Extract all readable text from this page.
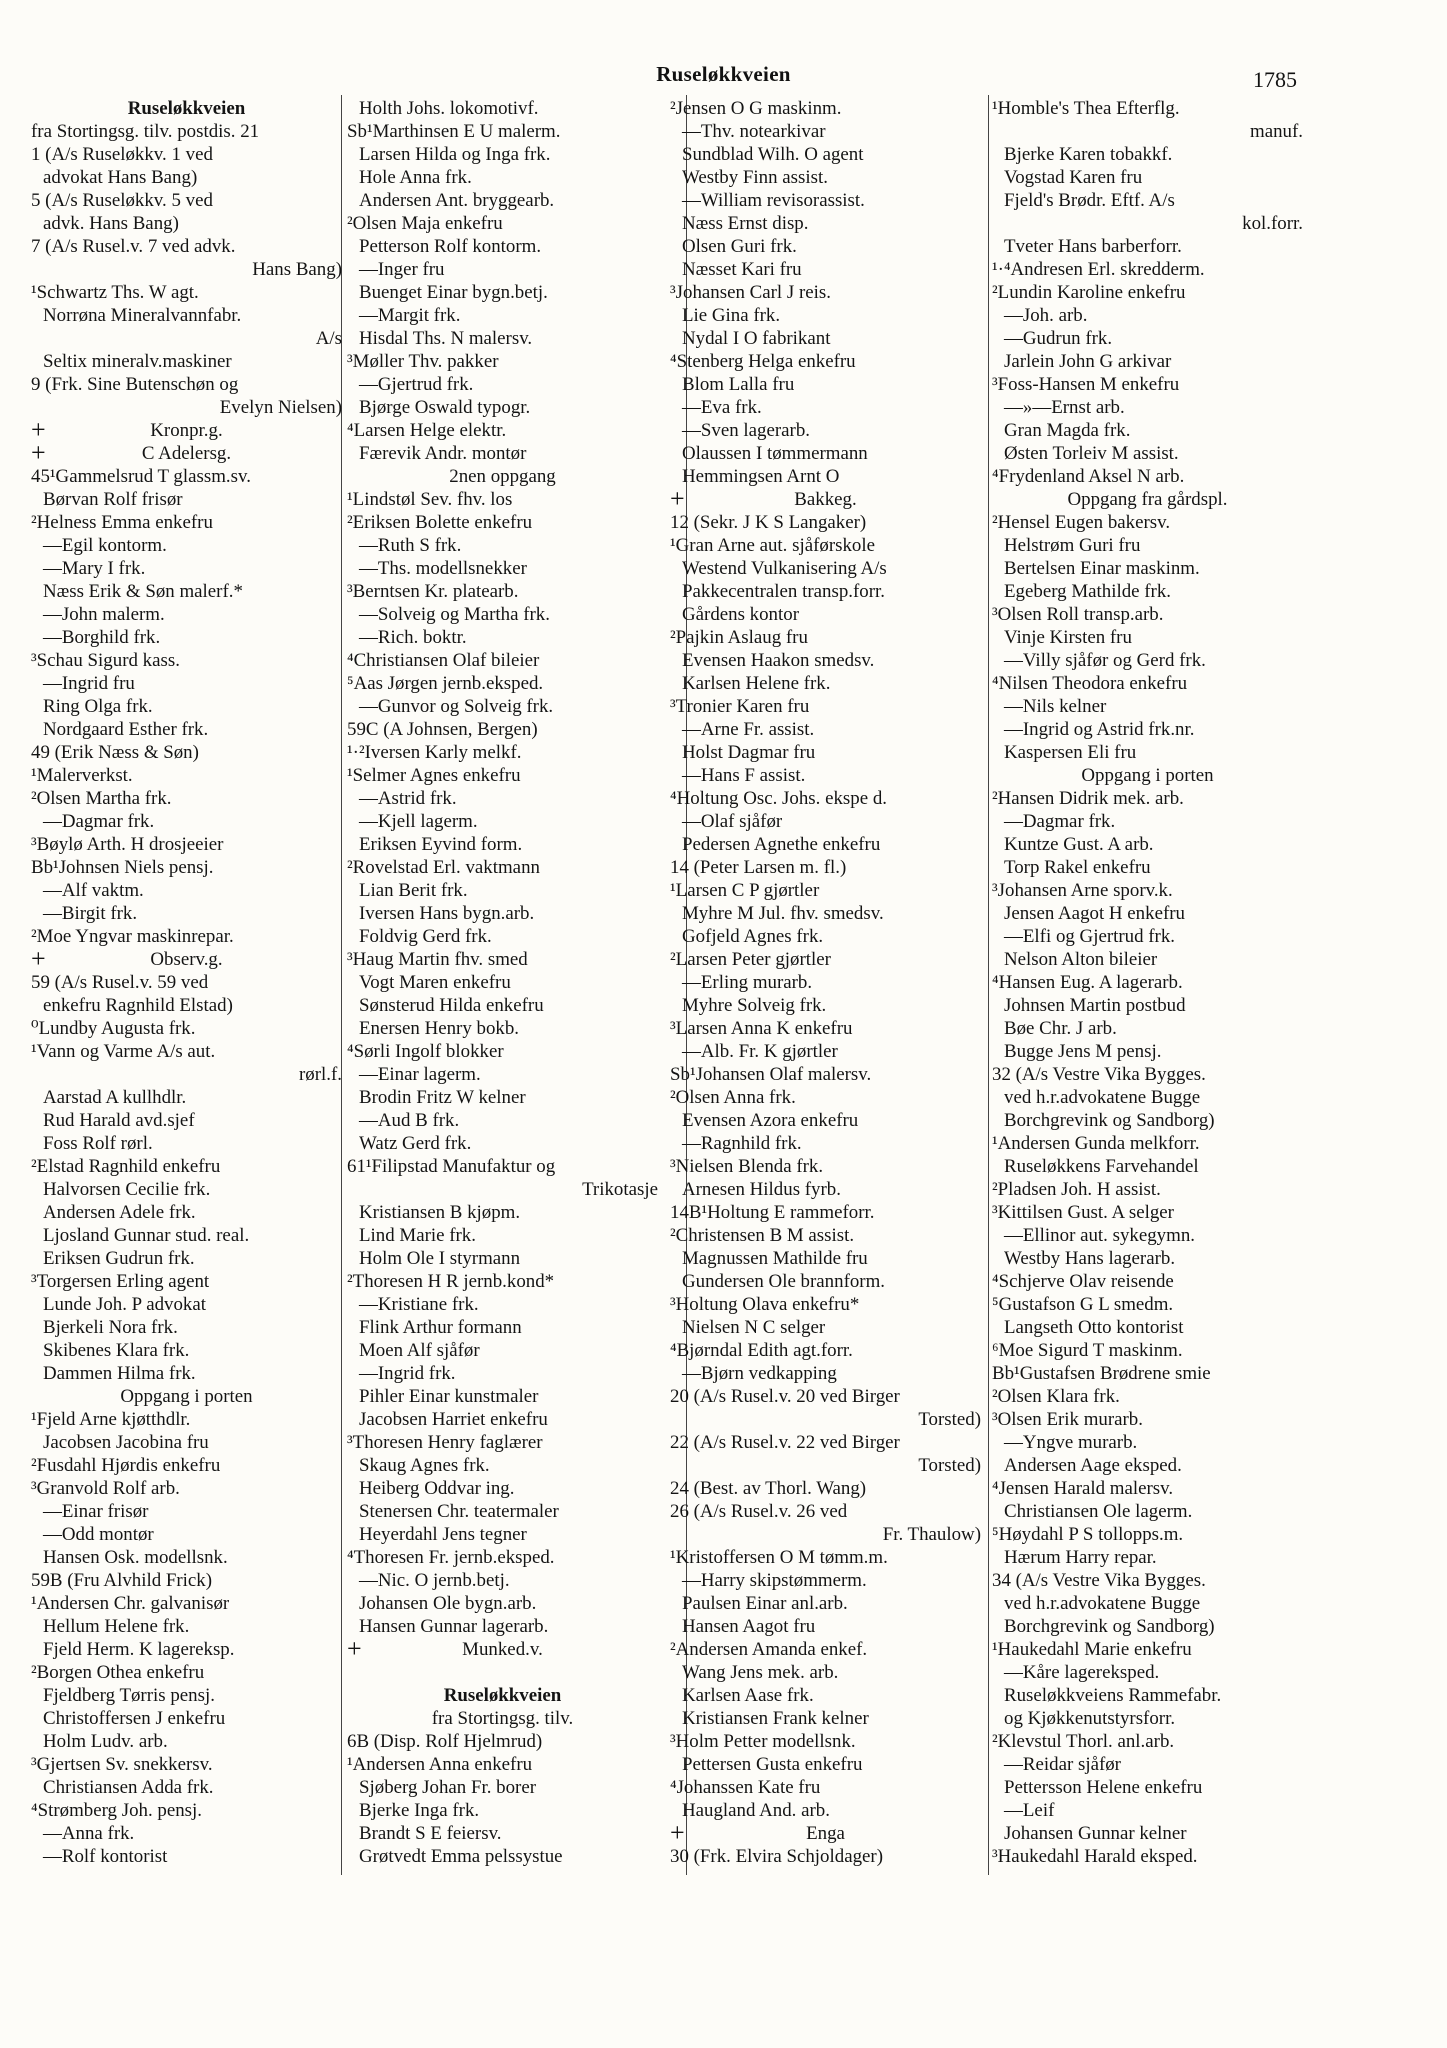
Ruseløkkveien	1785
Ruseløkkveien
fra Stortingsg. tilv. postdis. 21
1 (A/s Ruseløkkv. 1 ved
advokat Hans Bang)
5 (A/s Ruseløkkv. 5 ved
advk. Hans Bang)
7 (A/s Rusel.v. 7 ved advk.
Hans Bang)
¹Schwartz Ths. W agt.
Norrøna Mineralvannfabr.
A/s
Seltix mineralv.maskiner
9 (Frk. Sine Butenschøn og
Evelyn Nielsen)
+	Kronpr.g.
+	C Adelersg.
45¹Gammelsrud T glassm.sv.
Børvan Rolf frisør
²Helness Emma enkefru
—Egil kontorm.
—Mary I frk.
Næss Erik & Søn malerf.*
—John malerm.
—Borghild frk.
³Schau Sigurd kass.
—Ingrid fru
Ring Olga frk.
Nordgaard Esther frk.
49 (Erik Næss & Søn)
¹Malerverkst.
²Olsen Martha frk.
—Dagmar frk.
³Bøylø Arth. H drosjeeier
Bb¹Johnsen Niels pensj.
—Alf vaktm.
—Birgit frk.
²Moe Yngvar maskinrepar.
+	Observ.g.
59 (A/s Rusel.v. 59 ved
enkefru Ragnhild Elstad)
⁰Lundby Augusta frk.
¹Vann og Varme A/s aut.
rørl.f.
Aarstad A kullhdlr.
Rud Harald avd.sjef
Foss Rolf rørl.
²Elstad Ragnhild enkefru
Halvorsen Cecilie frk.
Andersen Adele frk.
Ljosland Gunnar stud. real.
Eriksen Gudrun frk.
³Torgersen Erling agent
Lunde Joh. P advokat
Bjerkeli Nora frk.
Skibenes Klara frk.
Dammen Hilma frk.
Oppgang i porten
¹Fjeld Arne kjøtthdlr.
Jacobsen Jacobina fru
²Fusdahl Hjørdis enkefru
³Granvold Rolf arb.
—Einar frisør
—Odd montør
Hansen Osk. modellsnk.
59B (Fru Alvhild Frick)
¹Andersen Chr. galvanisør
Hellum Helene frk.
Fjeld Herm. K lagereksp.
²Borgen Othea enkefru
Fjeldberg Tørris pensj.
Christoffersen J enkefru
Holm Ludv. arb.
³Gjertsen Sv. snekkersv.
Christiansen Adda frk.
⁴Strømberg Joh. pensj.
—Anna frk.
—Rolf kontorist
Holth Johs. lokomotivf.
Sb¹Marthinsen E U malerm.
Larsen Hilda og Inga frk.
Hole Anna frk.
Andersen Ant. bryggearb.
²Olsen Maja enkefru
Petterson Rolf kontorm.
—Inger fru
Buenget Einar bygn.betj.
—Margit frk.
Hisdal Ths. N malersv.
³Møller Thv. pakker
—Gjertrud frk.
Bjørge Oswald typogr.
⁴Larsen Helge elektr.
Færevik Andr. montør
2nen oppgang
¹Lindstøl Sev. fhv. los
²Eriksen Bolette enkefru
—Ruth S frk.
—Ths. modellsnekker
³Berntsen Kr. platearb.
—Solveig og Martha frk.
—Rich. boktr.
⁴Christiansen Olaf bileier
⁵Aas Jørgen jernb.eksped.
—Gunvor og Solveig frk.
59C (A Johnsen, Bergen)
¹·²Iversen Karly melkf.
¹Selmer Agnes enkefru
—Astrid frk.
—Kjell lagerm.
Eriksen Eyvind form.
²Rovelstad Erl. vaktmann
Lian Berit frk.
Iversen Hans bygn.arb.
Foldvig Gerd frk.
³Haug Martin fhv. smed
Vogt Maren enkefru
Sønsterud Hilda enkefru
Enersen Henry bokb.
⁴Sørli Ingolf blokker
—Einar lagerm.
Brodin Fritz W kelner
—Aud B frk.
Watz Gerd frk.
61¹Filipstad Manufaktur og
Trikotasje
Kristiansen B kjøpm.
Lind Marie frk.
Holm Ole I styrmann
²Thoresen H R jernb.kond*
—Kristiane frk.
Flink Arthur formann
Moen Alf sjåfør
—Ingrid frk.
Pihler Einar kunstmaler
Jacobsen Harriet enkefru
³Thoresen Henry faglærer
Skaug Agnes frk.
Heiberg Oddvar ing.
Stenersen Chr. teatermaler
Heyerdahl Jens tegner
⁴Thoresen Fr. jernb.eksped.
—Nic. O jernb.betj.
Johansen Ole bygn.arb.
Hansen Gunnar lagerarb.
+	Munked.v.
Ruseløkkveien
fra Stortingsg. tilv.
6B (Disp. Rolf Hjelmrud)
¹Andersen Anna enkefru
Sjøberg Johan Fr. borer
Bjerke Inga frk.
Brandt S E feiersv.
Grøtvedt Emma pelssystue
²Jensen O G maskinm.
—Thv. notearkivar
Sundblad Wilh. O agent
Westby Finn assist.
—William revisorassist.
Næss Ernst disp.
Olsen Guri frk.
Næsset Kari fru
³Johansen Carl J reis.
Lie Gina frk.
Nydal I O fabrikant
⁴Stenberg Helga enkefru
Blom Lalla fru
—Eva frk.
—Sven lagerarb.
Olaussen I tømmermann
Hemmingsen Arnt O
+	Bakkeg.
12 (Sekr. J K S Langaker)
¹Gran Arne aut. sjåførskole
Westend Vulkanisering A/s
Pakkecentralen transp.forr.
Gårdens kontor
²Pajkin Aslaug fru
Evensen Haakon smedsv.
Karlsen Helene frk.
³Tronier Karen fru
—Arne Fr. assist.
Holst Dagmar fru
—Hans F assist.
⁴Holtung Osc. Johs. ekspe d.
—Olaf sjåfør
Pedersen Agnethe enkefru
14 (Peter Larsen m. fl.)
¹Larsen C P gjørtler
Myhre M Jul. fhv. smedsv.
Gofjeld Agnes frk.
²Larsen Peter gjørtler
—Erling murarb.
Myhre Solveig frk.
³Larsen Anna K enkefru
—Alb. Fr. K gjørtler
Sb¹Johansen Olaf malersv.
²Olsen Anna frk.
Evensen Azora enkefru
—Ragnhild frk.
³Nielsen Blenda frk.
Arnesen Hildus fyrb.
14B¹Holtung E rammeforr.
²Christensen B M assist.
Magnussen Mathilde fru
Gundersen Ole brannform.
³Holtung Olava enkefru*
Nielsen N C selger
⁴Bjørndal Edith agt.forr.
—Bjørn vedkapping
20 (A/s Rusel.v. 20 ved Birger
Torsted)
22 (A/s Rusel.v. 22 ved Birger
Torsted)
24 (Best. av Thorl. Wang)
26 (A/s Rusel.v. 26 ved
Fr. Thaulow)
¹Kristoffersen O M tømm.m.
—Harry skipstømmerm.
Paulsen Einar anl.arb.
Hansen Aagot fru
²Andersen Amanda enkef.
Wang Jens mek. arb.
Karlsen Aase frk.
Kristiansen Frank kelner
³Holm Petter modellsnk.
Pettersen Gusta enkefru
⁴Johanssen Kate fru
Haugland And. arb.
+	Enga
30 (Frk. Elvira Schjoldager)
¹Homble's Thea Efterflg.
manuf.
Bjerke Karen tobakkf.
Vogstad Karen fru
Fjeld's Brødr. Eftf. A/s
kol.forr.
Tveter Hans barberforr.
¹·⁴Andresen Erl. skredderm.
²Lundin Karoline enkefru
—Joh. arb.
—Gudrun frk.
Jarlein John G arkivar
³Foss-Hansen M enkefru
—»—Ernst arb.
Gran Magda frk.
Østen Torleiv M assist.
⁴Frydenland Aksel N arb.
Oppgang fra gårdspl.
²Hensel Eugen bakersv.
Helstrøm Guri fru
Bertelsen Einar maskinm.
Egeberg Mathilde frk.
³Olsen Roll transp.arb.
Vinje Kirsten fru
—Villy sjåfør og Gerd frk.
⁴Nilsen Theodora enkefru
—Nils kelner
—Ingrid og Astrid frk.nr.
Kaspersen Eli fru
Oppgang i porten
²Hansen Didrik mek. arb.
—Dagmar frk.
Kuntze Gust. A arb.
Torp Rakel enkefru
³Johansen Arne sporv.k.
Jensen Aagot H enkefru
—Elfi og Gjertrud frk.
Nelson Alton bileier
⁴Hansen Eug. A lagerarb.
Johnsen Martin postbud
Bøe Chr. J arb.
Bugge Jens M pensj.
32 (A/s Vestre Vika Bygges.
ved h.r.advokatene Bugge
Borchgrevink og Sandborg)
¹Andersen Gunda melkforr.
Ruseløkkens Farvehandel
²Pladsen Joh. H assist.
³Kittilsen Gust. A selger
—Ellinor aut. sykegymn.
Westby Hans lagerarb.
⁴Schjerve Olav reisende
⁵Gustafson G L smedm.
Langseth Otto kontorist
⁶Moe Sigurd T maskinm.
Bb¹Gustafsen Brødrene smie
²Olsen Klara frk.
³Olsen Erik murarb.
—Yngve murarb.
Andersen Aage eksped.
⁴Jensen Harald malersv.
Christiansen Ole lagerm.
⁵Høydahl P S tollopps.m.
Hærum Harry repar.
34 (A/s Vestre Vika Bygges.
ved h.r.advokatene Bugge
Borchgrevink og Sandborg)
¹Haukedahl Marie enkefru
—Kåre lagereksped.
Ruseløkkveiens Rammefabr.
og Kjøkkenutstyrsforr.
²Klevstul Thorl. anl.arb.
—Reidar sjåfør
Pettersson Helene enkefru
—Leif
Johansen Gunnar kelner
³Haukedahl Harald eksped.
